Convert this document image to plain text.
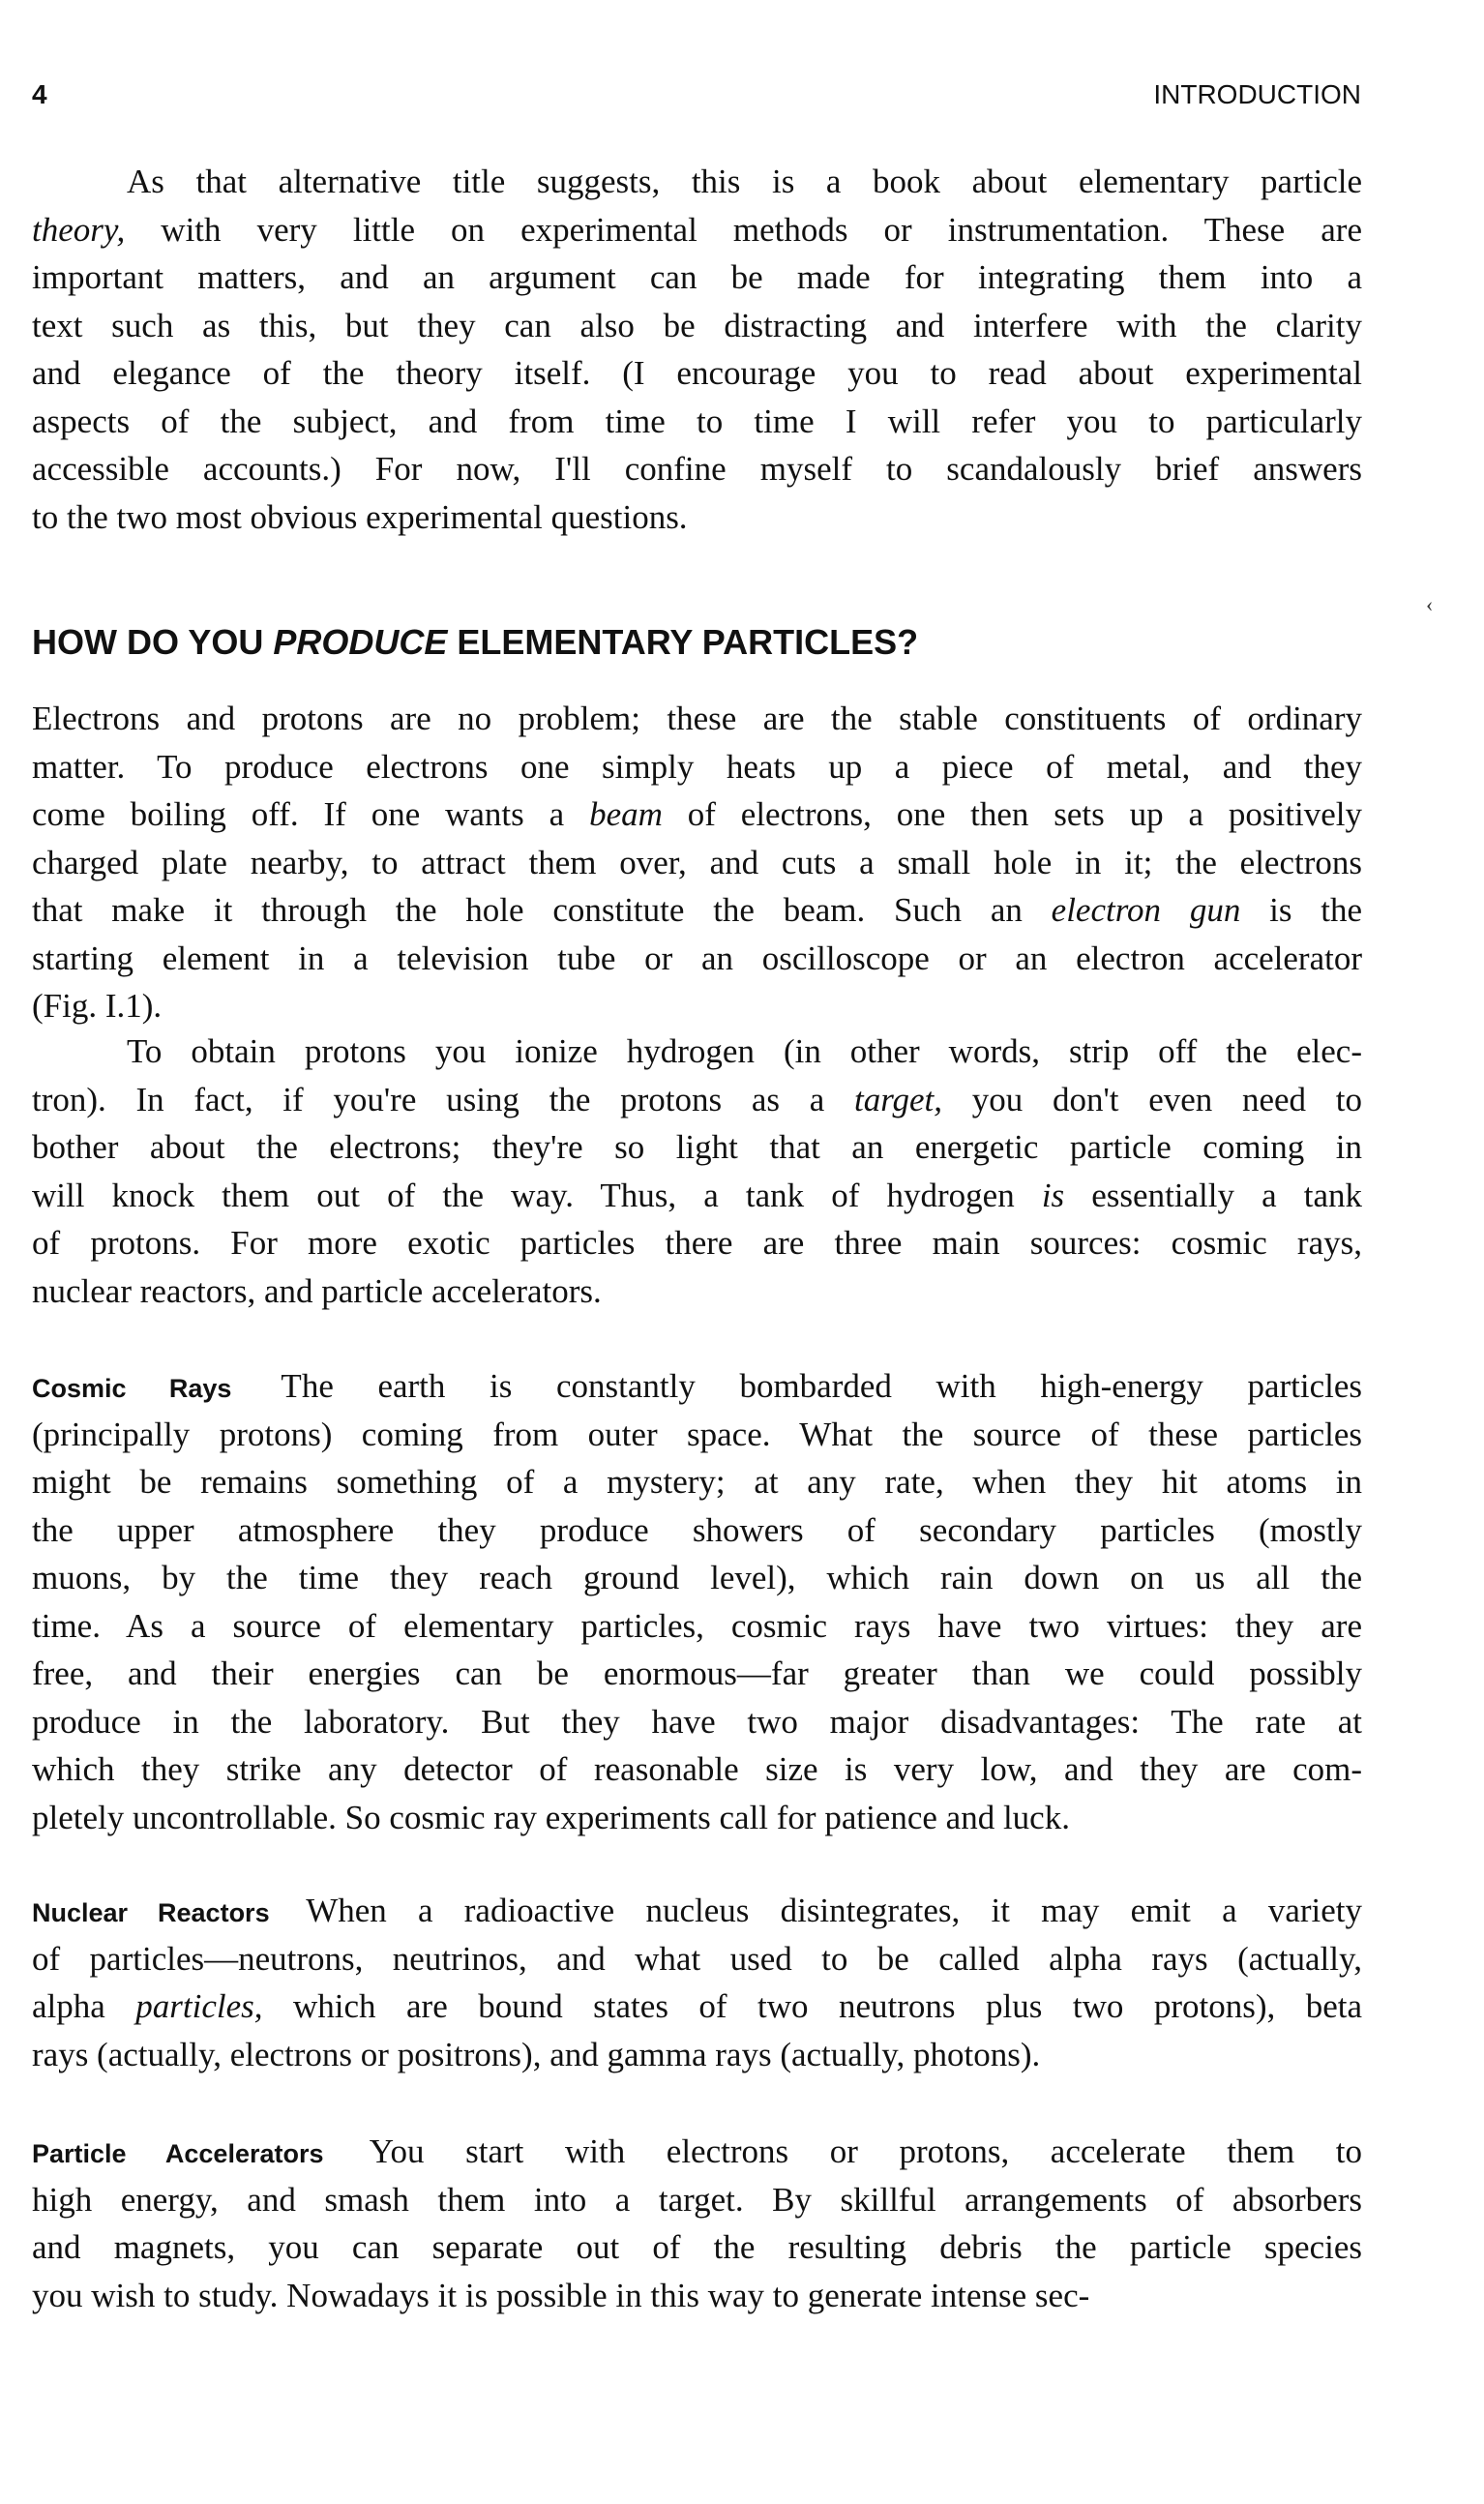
4	INTRODUCTION
‹
As that alternative title suggests, this is a book about elementary particle
theory, with very little on experimental methods or instrumentation. These are
important matters, and an argument can be made for integrating them into a
text such as this, but they can also be distracting and interfere with the clarity
and elegance of the theory itself. (I encourage you to read about experimental
aspects of the subject, and from time to time I will refer you to particularly
accessible accounts.) For now, I'll confine myself to scandalously brief answers
to the two most obvious experimental questions.
HOW DO YOU PRODUCE ELEMENTARY PARTICLES?
Electrons and protons are no problem; these are the stable constituents of ordinary
matter. To produce electrons one simply heats up a piece of metal, and they
come boiling off. If one wants a beam of electrons, one then sets up a positively
charged plate nearby, to attract them over, and cuts a small hole in it; the electrons
that make it through the hole constitute the beam. Such an electron gun is the
starting element in a television tube or an oscilloscope or an electron accelerator
(Fig. I.1).
To obtain protons you ionize hydrogen (in other words, strip off the elec-
tron). In fact, if you're using the protons as a target, you don't even need to
bother about the electrons; they're so light that an energetic particle coming in
will knock them out of the way. Thus, a tank of hydrogen is essentially a tank
of protons. For more exotic particles there are three main sources: cosmic rays,
nuclear reactors, and particle accelerators.
Cosmic Rays The earth is constantly bombarded with high-energy particles
(principally protons) coming from outer space. What the source of these particles
might be remains something of a mystery; at any rate, when they hit atoms in
the upper atmosphere they produce showers of secondary particles (mostly
muons, by the time they reach ground level), which rain down on us all the
time. As a source of elementary particles, cosmic rays have two virtues: they are
free, and their energies can be enormous—far greater than we could possibly
produce in the laboratory. But they have two major disadvantages: The rate at
which they strike any detector of reasonable size is very low, and they are com-
pletely uncontrollable. So cosmic ray experiments call for patience and luck.
Nuclear Reactors When a radioactive nucleus disintegrates, it may emit a variety
of particles—neutrons, neutrinos, and what used to be called alpha rays (actually,
alpha particles, which are bound states of two neutrons plus two protons), beta
rays (actually, electrons or positrons), and gamma rays (actually, photons).
Particle Accelerators You start with electrons or protons, accelerate them to
high energy, and smash them into a target. By skillful arrangements of absorbers
and magnets, you can separate out of the resulting debris the particle species
you wish to study. Nowadays it is possible in this way to generate intense sec-
